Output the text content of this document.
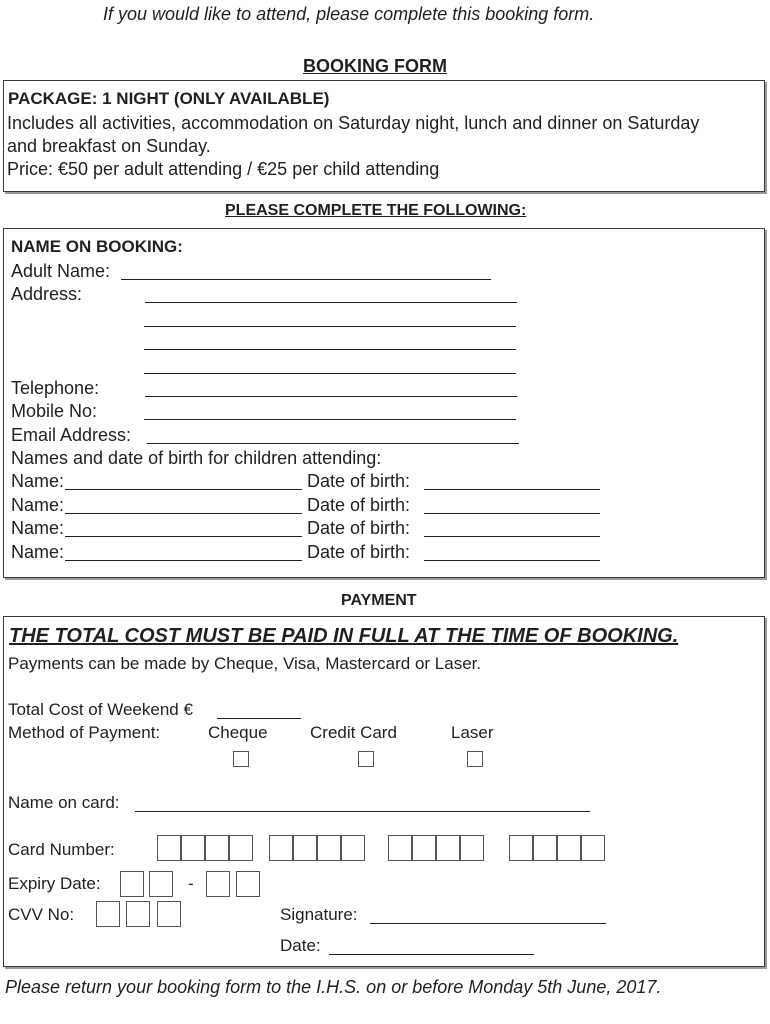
If you would like to attend, please complete this booking form.
BOOKING FORM
PACKAGE: 1 NIGHT (ONLY AVAILABLE)
Includes all activities, accommodation on Saturday night, lunch and dinner on Saturday
and breakfast on Sunday.
Price: €50 per adult attending / €25 per child attending
PLEASE COMPLETE THE FOLLOWING:
NAME ON BOOKING:
Adult Name:
Address:
Telephone:
Mobile No:
Email Address:
Names and date of birth for children attending:
Name:	Date of birth:
Name:	Date of birth:
Name:	Date of birth:
Name:	Date of birth:
PAYMENT
THE TOTAL COST MUST BE PAID IN FULL AT THE TIME OF BOOKING.
Payments can be made by Cheque, Visa, Mastercard or Laser.
Total Cost of Weekend €
Method of Payment:	Cheque Credit Card	Laser
Name on card:
Card Number:
Expiry Date:	-
CVV No:	Signature:
Date:
Please return your booking form to the I.H.S. on or before Monday 5th June, 2017.
